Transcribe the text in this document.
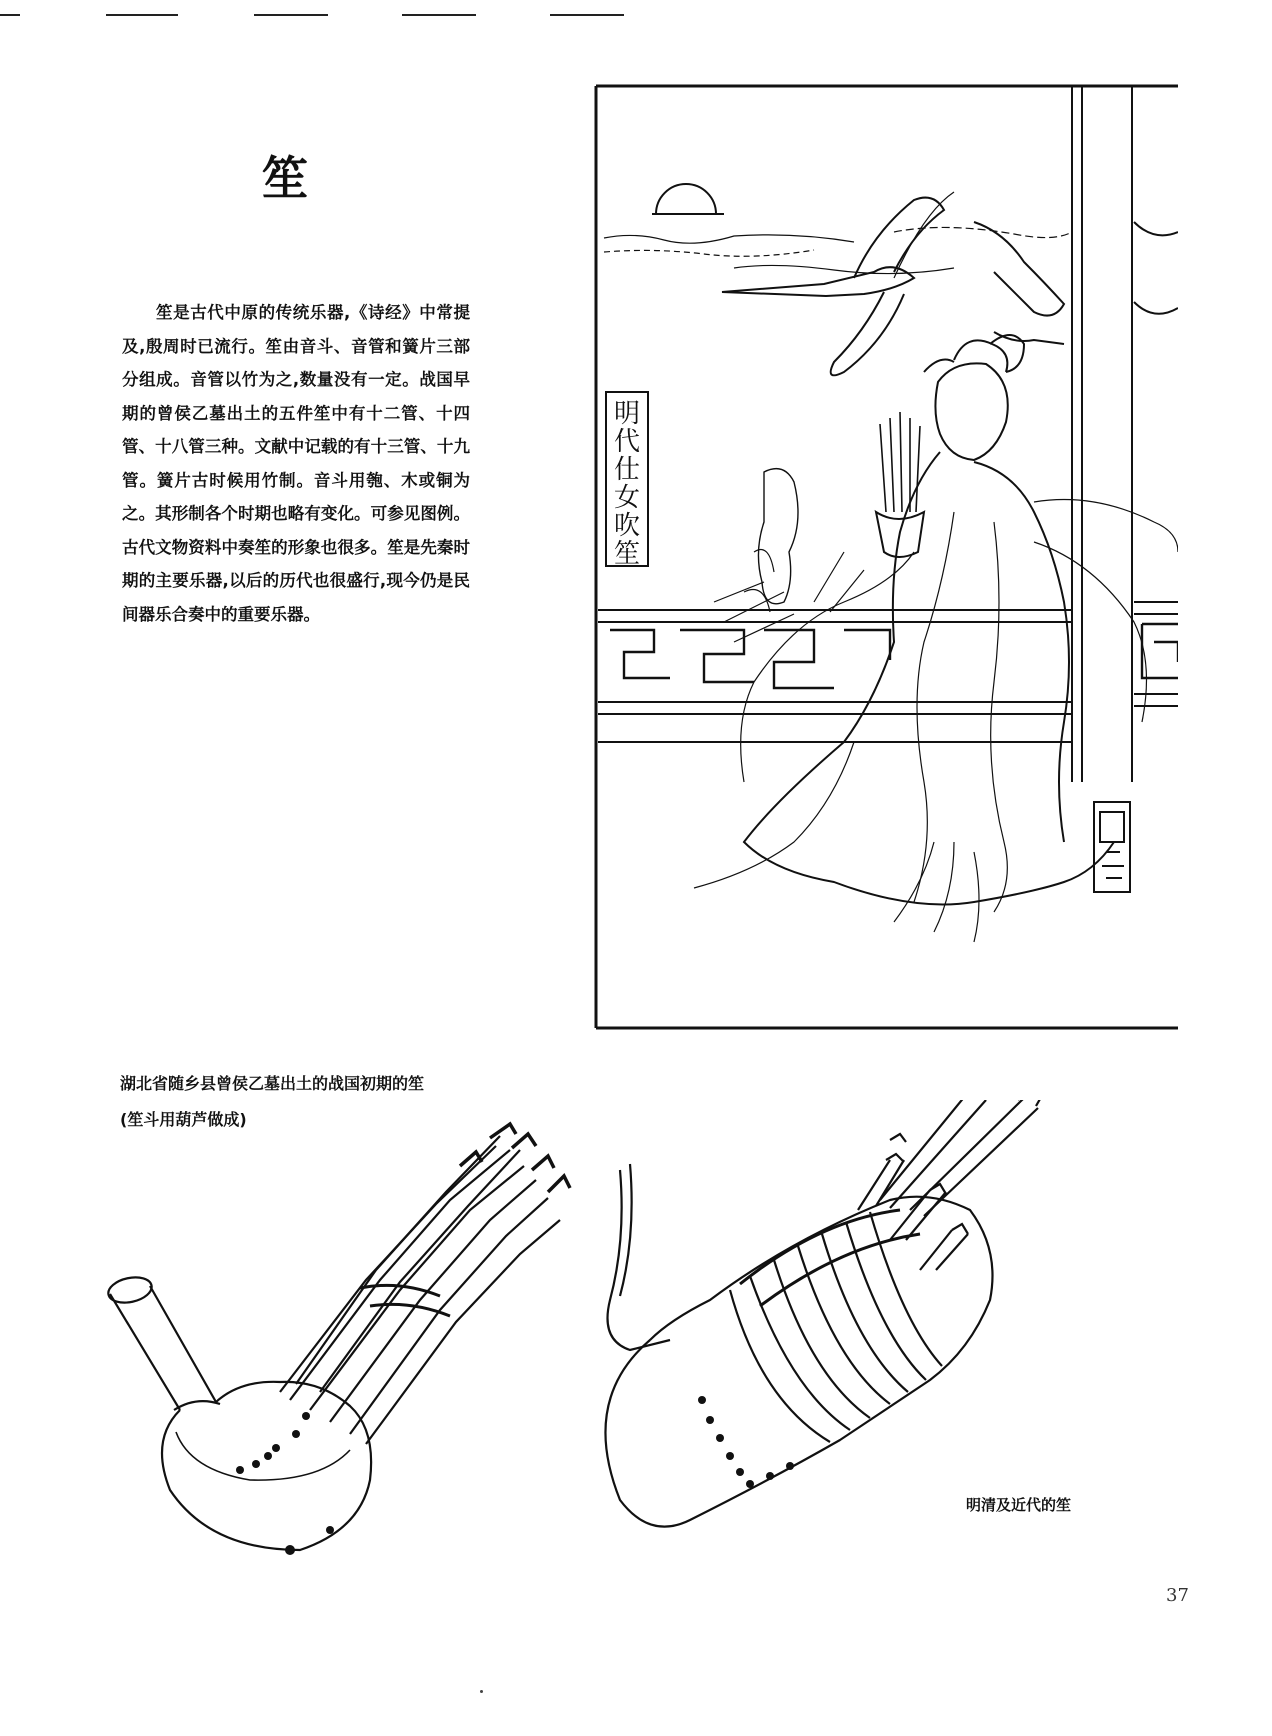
笙

笙是古代中原的传统乐器,《诗经》中常提及,殷周时已流行。笙由音斗、音管和簧片三部分组成。音管以竹为之,数量没有一定。战国早期的曾侯乙墓出土的五件笙中有十二管、十四管、十八管三种。文献中记载的有十三管、十九管。簧片古时候用竹制。音斗用匏、木或铜为之。其形制各个时期也略有变化。可参见图例。古代文物资料中奏笙的形象也很多。笙是先秦时期的主要乐器,以后的历代也很盛行,现今仍是民间器乐合奏中的重要乐器。

明
代
仕
女
吹
笙
湖北省随乡县曾侯乙墓出土的战国初期的笙
(笙斗用葫芦做成)
明清及近代的笙
37
